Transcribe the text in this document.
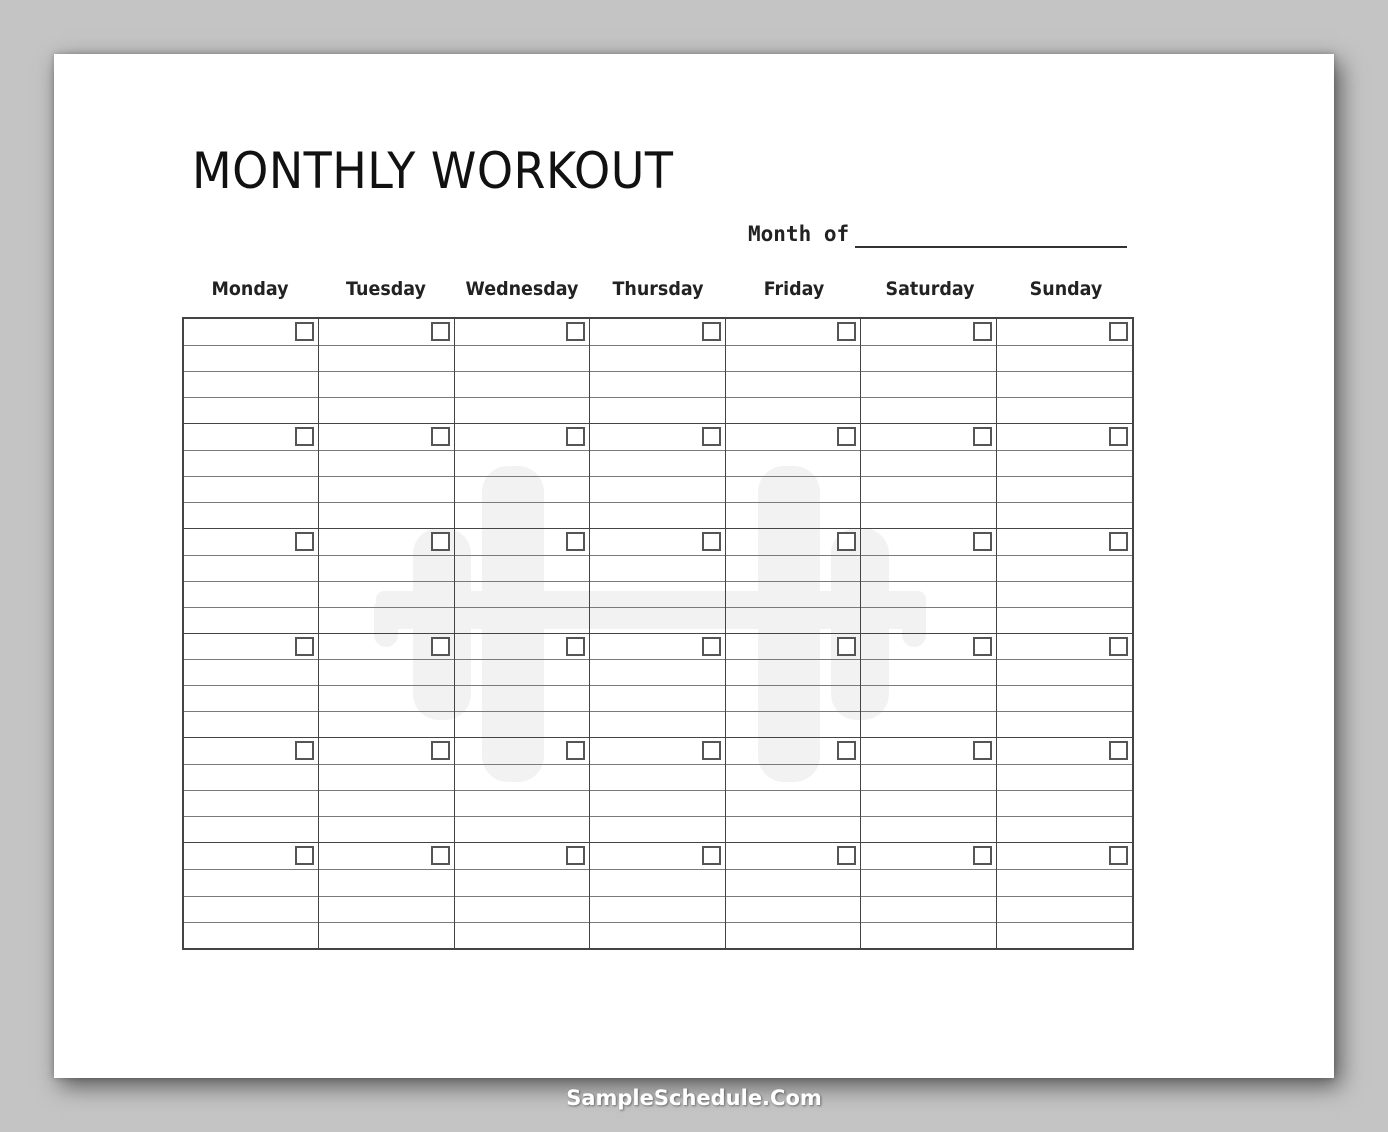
MONTHLY WORKOUT
Month of
Monday	Tuesday	Wednesday	Thursday	Friday	Saturday	Sunday
SampleSchedule.Com
